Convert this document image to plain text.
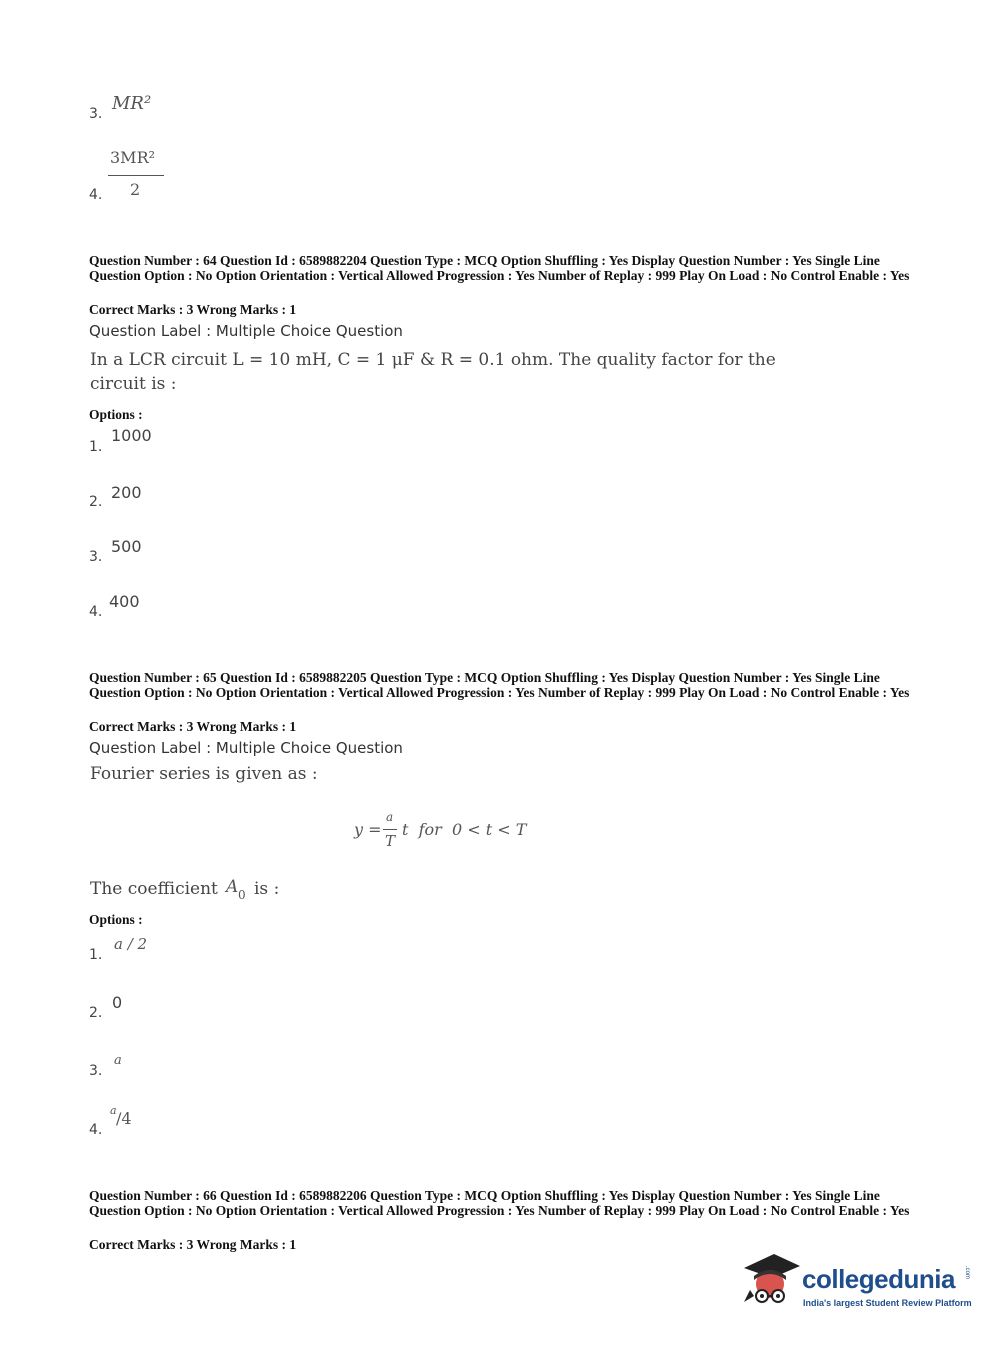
3. MR²
4.
3MR²
2
Question Number : 64 Question Id : 6589882204 Question Type : MCQ Option Shuffling : Yes Display Question Number : Yes Single Line Question Option : No Option Orientation : Vertical Allowed Progression : Yes Number of Replay : 999 Play On Load : No Control Enable : Yes
Correct Marks : 3 Wrong Marks : 1
Question Label : Multiple Choice Question
In a LCR circuit L = 10 mH, C = 1 μF & R = 0.1 ohm. The quality factor for the circuit is :
Options :
1.
1000
2. 200
3.
500
4.
400
Question Number : 65 Question Id : 6589882205 Question Type : MCQ Option Shuffling : Yes Display Question Number : Yes Single Line Question Option : No Option Orientation : Vertical Allowed Progression : Yes Number of Replay : 999 Play On Load : No Control Enable : Yes
Correct Marks : 3 Wrong Marks : 1
Question Label : Multiple Choice Question
Fourier series is given as :
y =
a
T
t  for  0 < t < T
The coefficient A 0 is :
Options :
1.
a / 2
2.
0
3.
a
4.
a /4
Question Number : 66 Question Id : 6589882206 Question Type : MCQ Option Shuffling : Yes Display Question Number : Yes Single Line Question Option : No Option Orientation : Vertical Allowed Progression : Yes Number of Replay : 999 Play On Load : No Control Enable : Yes
Correct Marks : 3 Wrong Marks : 1
collegedunia .com
India's largest Student Review Platform
